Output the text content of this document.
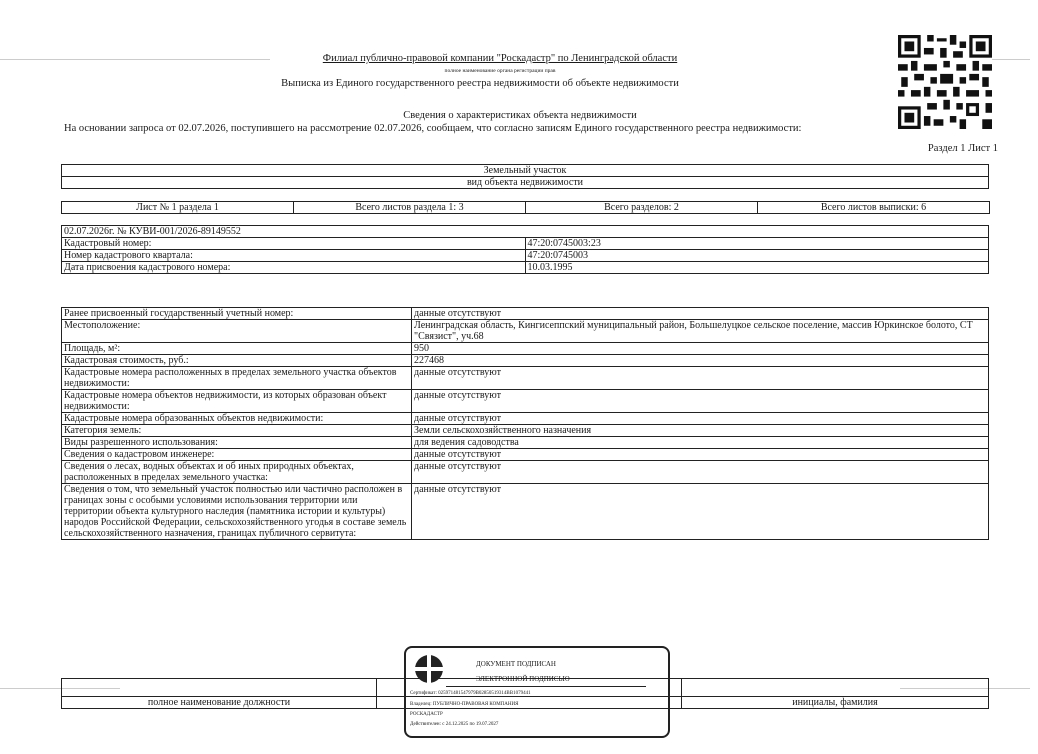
Филиал публично-правовой компании "Роскадастр" по Ленинградской области
полное наименование органа регистрации прав
Выписка из Единого государственного реестра недвижимости об объекте недвижимости
Сведения о характеристиках объекта недвижимости
На основании запроса от 02.07.2026, поступившего на рассмотрение 02.07.2026, сообщаем, что согласно записям Единого государственного реестра недвижимости:
Раздел 1 Лист 1
Земельный участок
вид объекта недвижимости
Лист № 1 раздела 1	Всего листов раздела 1: 3	Всего разделов: 2	Всего листов выписки: 6
02.07.2026г. № КУВИ-001/2026-89149552	
Кадастровый номер:	47:20:0745003:23
Номер кадастрового квартала:	47:20:0745003
Дата присвоения кадастрового номера:	10.03.1995
Ранее присвоенный государственный учетный номер:	данные отсутствуют
Местоположение:	Ленинградская область, Кингисеппский муниципальный район, Большелуцкое сельское поселение, массив Юркинское болото, СТ "Связист", уч.68
Площадь, м²:	950
Кадастровая стоимость, руб.:	227468
Кадастровые номера расположенных в пределах земельного участка объектов недвижимости:	данные отсутствуют
Кадастровые номера объектов недвижимости, из которых образован объект недвижимости:	данные отсутствуют
Кадастровые номера образованных объектов недвижимости:	данные отсутствуют
Категория земель:	Земли сельскохозяйственного назначения
Виды разрешенного использования:	для ведения садоводства
Сведения о кадастровом инженере:	данные отсутствуют
Сведения о лесах, водных объектах и об иных природных объектах, расположенных в пределах земельного участка:	данные отсутствуют
Сведения о том, что земельный участок полностью или частично расположен в границах зоны с особыми условиями использования территории или территории объекта культурного наследия (памятника истории и культуры) народов Российской Федерации, сельскохозяйственного угодья в составе земель сельскохозяйственного назначения, границах публичного сервитута:	данные отсутствуют

полное наименование должности		инициалы, фамилия
ДОКУМЕНТ ПОДПИСАН
ЭЛЕКТРОННОЙ ПОДПИСЬЮ
Сертификат: 025971481547979B02850519314BB1079441
Владелец: ПУБЛИЧНО-ПРАВОВАЯ КОМПАНИЯ
РОСКАДАСТР
Действителен: с 24.12.2025 по 19.07.2027
